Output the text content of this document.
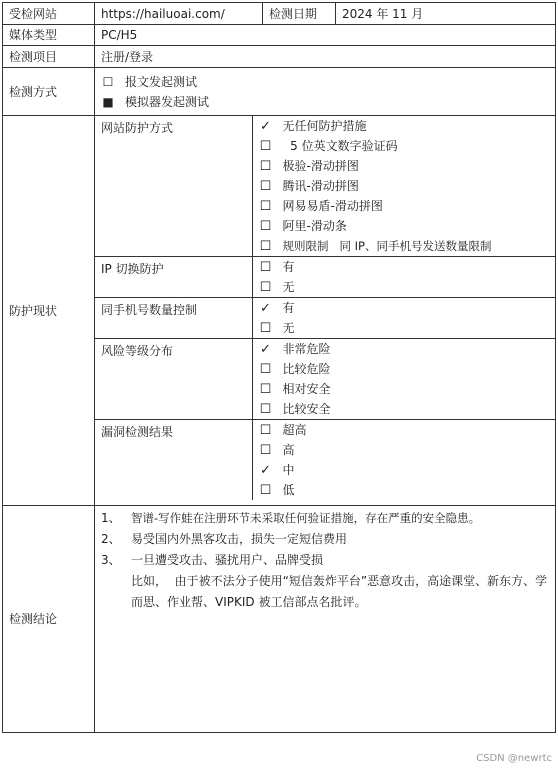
受检网站	https://hailuoai.com/	检测日期	2024 年 11 月
媒体类型	PC/H5
检测项目	注册/登录
检测方式	
☐ 报文发起测试
■ 模拟器发起测试

防护现状	
网站防护方式	✓ 无任何防护措施
☐  5 位英文数字验证码
☐ 极验-滑动拼图
☐ 腾讯-滑动拼图
☐ 网易易盾-滑动拼图
☐ 阿里-滑动条
☐ 规则限制   同 IP、同手机号发送数量限制

IP 切换防护	☐ 有
☐ 无

同手机号数量控制	✓ 有
☐ 无

风险等级分布	✓ 非常危险
☐ 比较危险
☐ 相对安全
☐ 比较安全

漏洞检测结果	☐ 超高
☐ 高
✓ 中
☐ 低

检测结论	
1、 智谱-写作蛙在注册环节未采取任何验证措施，存在严重的安全隐患。
2、 易受国内外黑客攻击，损失一定短信费用
3、 一旦遭受攻击、骚扰用户、品牌受损
比如，  由于被不法分子使用“短信轰炸平台”恶意攻击，高途课堂、新东方、学而思、作业帮、VIPKID 被工信部点名批评。
CSDN @newrtc
